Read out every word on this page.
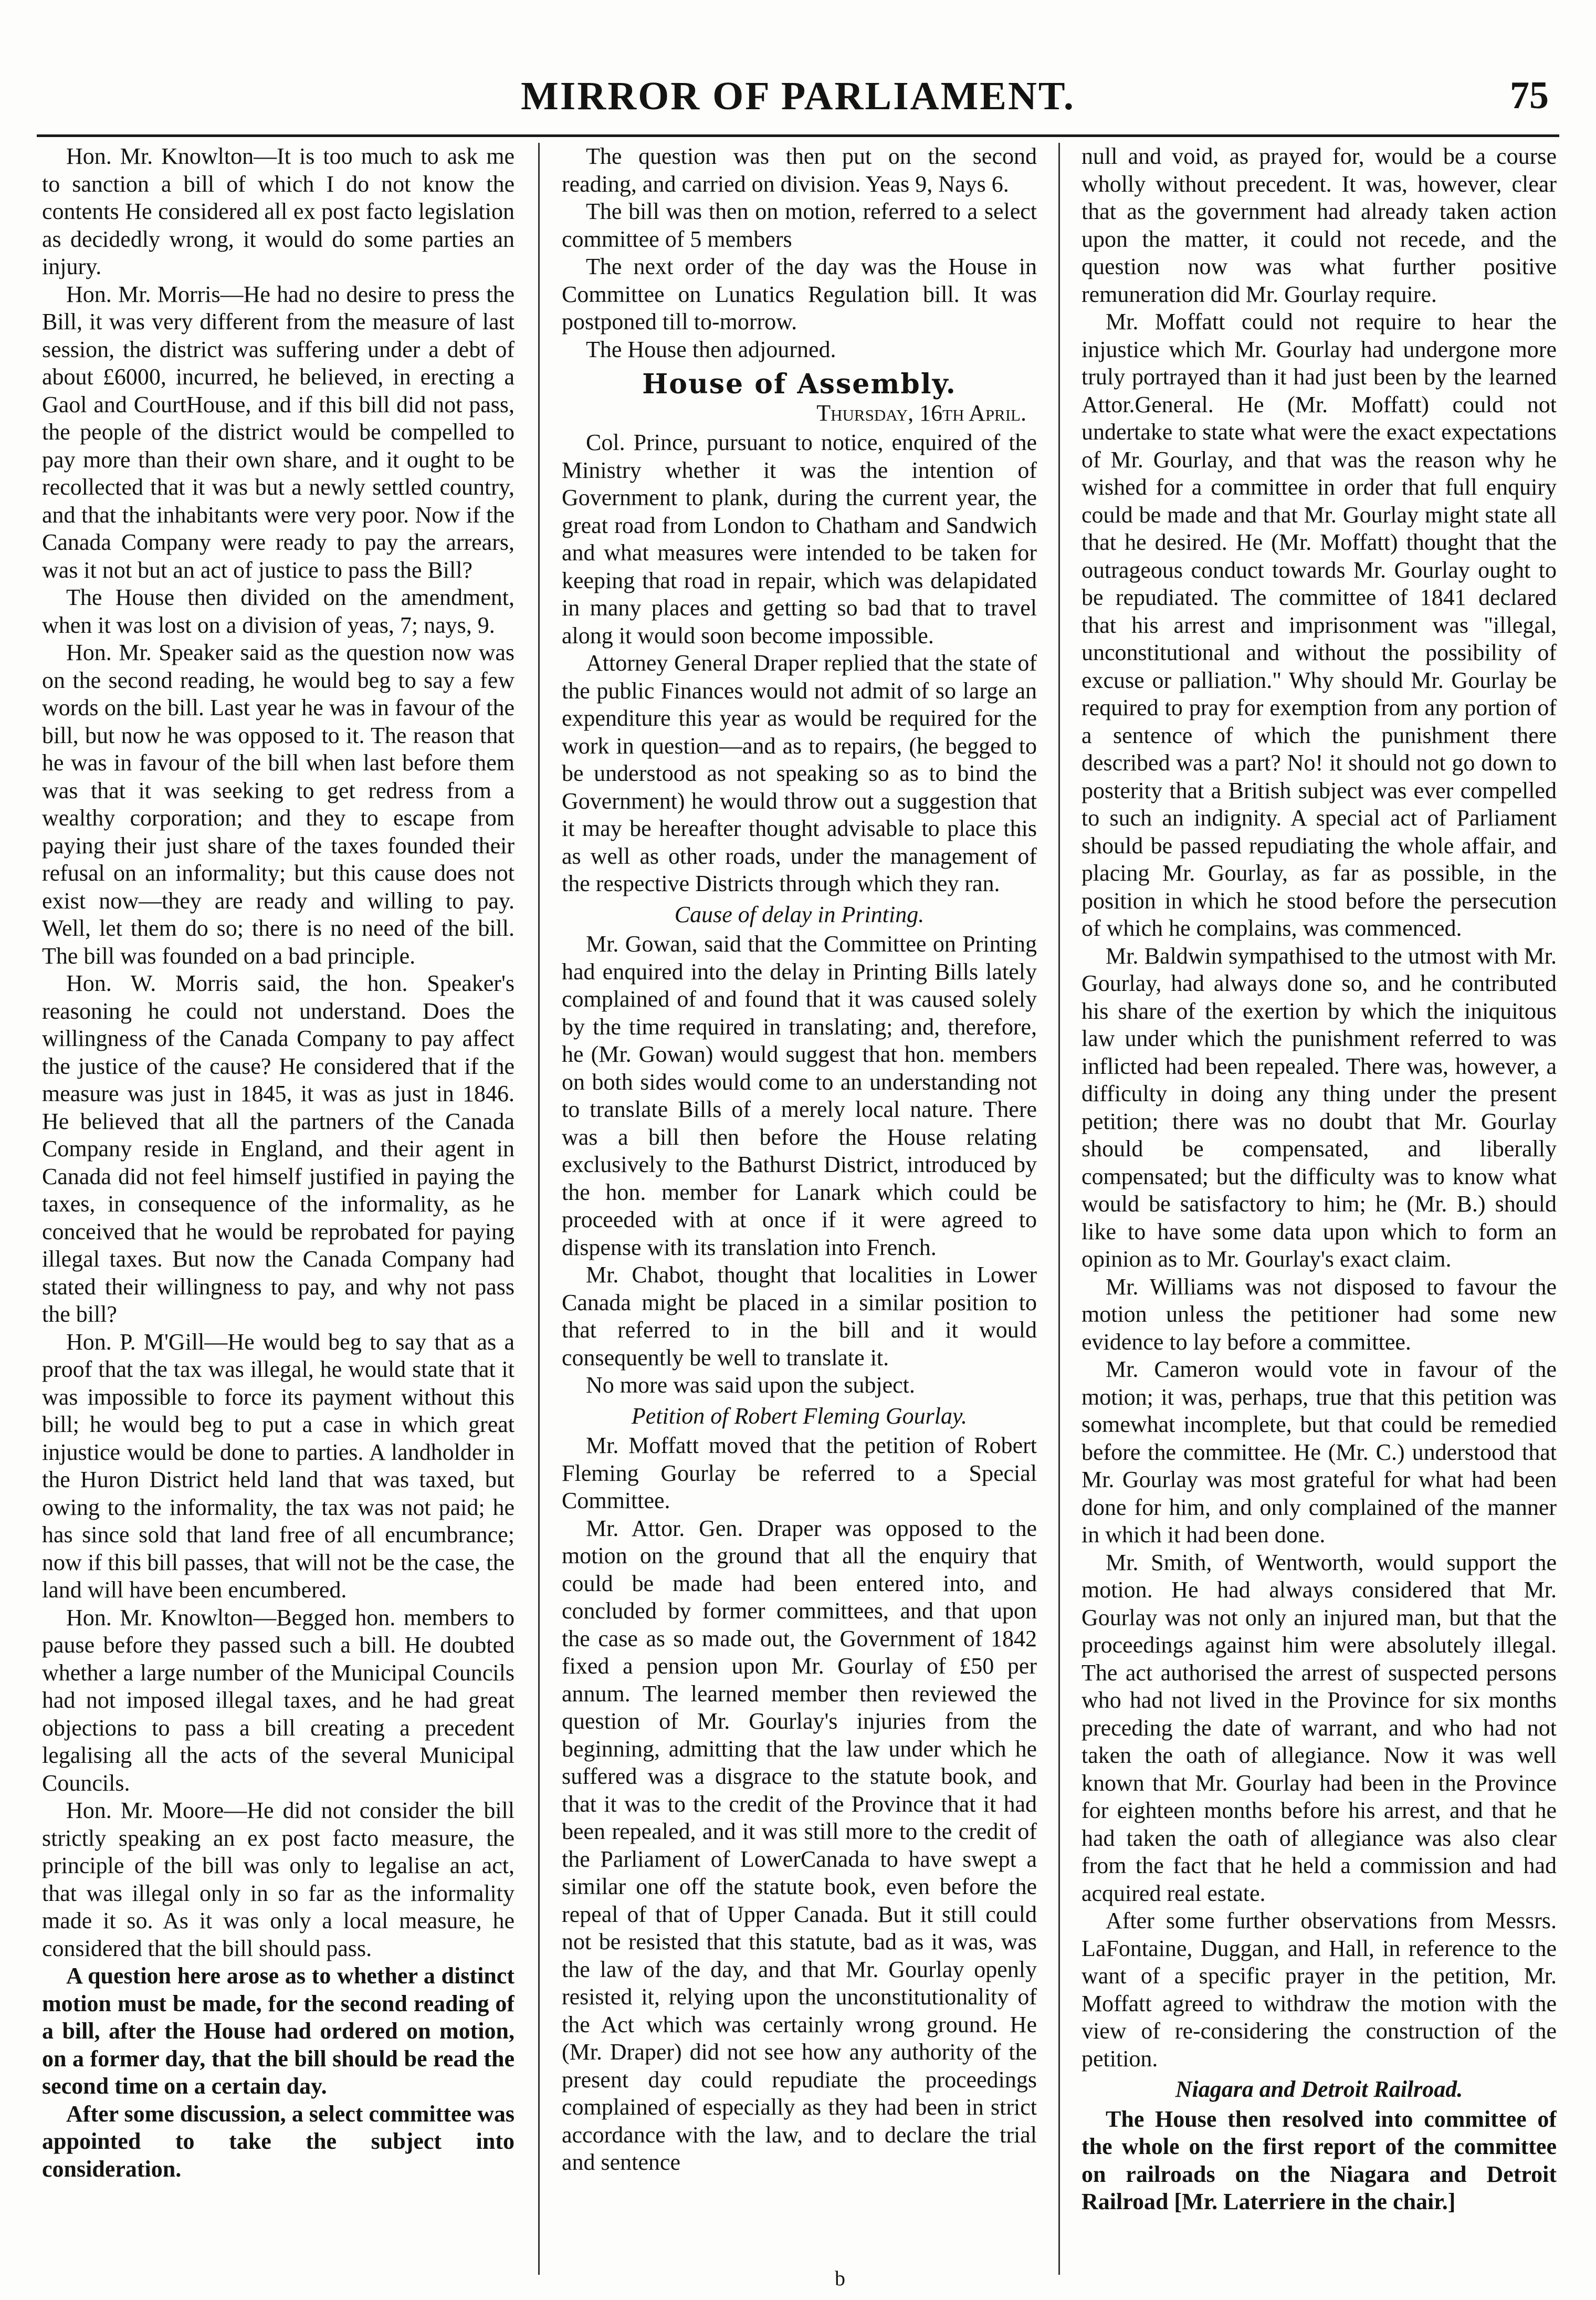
MIRROR OF PARLIAMENT.	75

Hon. Mr. Knowlton—It is too much to ask me to sanction a bill of which I do not know the contents He considered all ex post facto legislation as decidedly wrong, it would do some parties an injury.

Hon. Mr. Morris—He had no desire to press the Bill, it was very different from the measure of last session, the district was suffering under a debt of about £6000, incurred, he believed, in erecting a Gaol and CourtHouse, and if this bill did not pass, the people of the district would be compelled to pay more than their own share, and it ought to be recollected that it was but a newly settled country, and that the inhabitants were very poor. Now if the Canada Company were ready to pay the arrears, was it not but an act of justice to pass the Bill?

The House then divided on the amendment, when it was lost on a division of yeas, 7; nays, 9.

Hon. Mr. Speaker said as the question now was on the second reading, he would beg to say a few words on the bill. Last year he was in favour of the bill, but now he was opposed to it. The reason that he was in favour of the bill when last before them was that it was seeking to get redress from a wealthy corporation; and they to escape from paying their just share of the taxes founded their refusal on an informality; but this cause does not exist now—they are ready and willing to pay. Well, let them do so; there is no need of the bill. The bill was founded on a bad principle.

Hon. W. Morris said, the hon. Speaker's reasoning he could not understand. Does the willingness of the Canada Company to pay affect the justice of the cause? He considered that if the measure was just in 1845, it was as just in 1846. He believed that all the partners of the Canada Company reside in England, and their agent in Canada did not feel himself justified in paying the taxes, in consequence of the informality, as he conceived that he would be reprobated for paying illegal taxes. But now the Canada Company had stated their willingness to pay, and why not pass the bill?

Hon. P. M'Gill—He would beg to say that as a proof that the tax was illegal, he would state that it was impossible to force its payment without this bill; he would beg to put a case in which great injustice would be done to parties. A landholder in the Huron District held land that was taxed, but owing to the informality, the tax was not paid; he has since sold that land free of all encumbrance; now if this bill passes, that will not be the case, the land will have been encumbered.

Hon. Mr. Knowlton—Begged hon. members to pause before they passed such a bill. He doubted whether a large number of the Municipal Councils had not imposed illegal taxes, and he had great objections to pass a bill creating a precedent legalising all the acts of the several Municipal Councils.

Hon. Mr. Moore—He did not consider the bill strictly speaking an ex post facto measure, the principle of the bill was only to legalise an act, that was illegal only in so far as the informality made it so. As it was only a local measure, he considered that the bill should pass.

A question here arose as to whether a distinct motion must be made, for the second reading of a bill, after the House had ordered on motion, on a former day, that the bill should be read the second time on a certain day.

After some discussion, a select committee was appointed to take the subject into consideration.

The question was then put on the second reading, and carried on division. Yeas 9, Nays 6.

The bill was then on motion, referred to a select committee of 5 members

The next order of the day was the House in Committee on Lunatics Regulation bill. It was postponed till to-morrow.

The House then adjourned.

House of Assembly.
Thursday, 16th April.

Col. Prince, pursuant to notice, enquired of the Ministry whether it was the intention of Government to plank, during the current year, the great road from London to Chatham and Sandwich and what measures were intended to be taken for keeping that road in repair, which was delapidated in many places and getting so bad that to travel along it would soon become impossible.

Attorney General Draper replied that the state of the public Finances would not admit of so large an expenditure this year as would be required for the work in question—and as to repairs, (he begged to be understood as not speaking so as to bind the Government) he would throw out a suggestion that it may be hereafter thought advisable to place this as well as other roads, under the management of the respective Districts through which they ran.

Cause of delay in Printing.

Mr. Gowan, said that the Committee on Printing had enquired into the delay in Printing Bills lately complained of and found that it was caused solely by the time required in translating; and, therefore, he (Mr. Gowan) would suggest that hon. members on both sides would come to an understanding not to translate Bills of a merely local nature. There was a bill then before the House relating exclusively to the Bathurst District, introduced by the hon. member for Lanark which could be proceeded with at once if it were agreed to dispense with its translation into French.

Mr. Chabot, thought that localities in Lower Canada might be placed in a similar position to that referred to in the bill and it would consequently be well to translate it.

No more was said upon the subject.

Petition of Robert Fleming Gourlay.

Mr. Moffatt moved that the petition of Robert Fleming Gourlay be referred to a Special Committee.

Mr. Attor. Gen. Draper was opposed to the motion on the ground that all the enquiry that could be made had been entered into, and concluded by former committees, and that upon the case as so made out, the Government of 1842 fixed a pension upon Mr. Gourlay of £50 per annum. The learned member then reviewed the question of Mr. Gourlay's injuries from the beginning, admitting that the law under which he suffered was a disgrace to the statute book, and that it was to the credit of the Province that it had been repealed, and it was still more to the credit of the Parliament of LowerCanada to have swept a similar one off the statute book, even before the repeal of that of Upper Canada. But it still could not be resisted that this statute, bad as it was, was the law of the day, and that Mr. Gourlay openly resisted it, relying upon the unconstitutionality of the Act which was certainly wrong ground. He (Mr. Draper) did not see how any authority of the present day could repudiate the proceedings complained of especially as they had been in strict accordance with the law, and to declare the trial and sentence

null and void, as prayed for, would be a course wholly without precedent. It was, however, clear that as the government had already taken action upon the matter, it could not recede, and the question now was what further positive remuneration did Mr. Gourlay require.

Mr. Moffatt could not require to hear the injustice which Mr. Gourlay had undergone more truly portrayed than it had just been by the learned Attor.General. He (Mr. Moffatt) could not undertake to state what were the exact expectations of Mr. Gourlay, and that was the reason why he wished for a committee in order that full enquiry could be made and that Mr. Gourlay might state all that he desired. He (Mr. Moffatt) thought that the outrageous conduct towards Mr. Gourlay ought to be repudiated. The committee of 1841 declared that his arrest and imprisonment was "illegal, unconstitutional and without the possibility of excuse or palliation." Why should Mr. Gourlay be required to pray for exemption from any portion of a sentence of which the punishment there described was a part? No! it should not go down to posterity that a British subject was ever compelled to such an indignity. A special act of Parliament should be passed repudiating the whole affair, and placing Mr. Gourlay, as far as possible, in the position in which he stood before the persecution of which he complains, was commenced.

Mr. Baldwin sympathised to the utmost with Mr. Gourlay, had always done so, and he contributed his share of the exertion by which the iniquitous law under which the punishment referred to was inflicted had been repealed. There was, however, a difficulty in doing any thing under the present petition; there was no doubt that Mr. Gourlay should be compensated, and liberally compensated; but the difficulty was to know what would be satisfactory to him; he (Mr. B.) should like to have some data upon which to form an opinion as to Mr. Gourlay's exact claim.

Mr. Williams was not disposed to favour the motion unless the petitioner had some new evidence to lay before a committee.

Mr. Cameron would vote in favour of the motion; it was, perhaps, true that this petition was somewhat incomplete, but that could be remedied before the committee. He (Mr. C.) understood that Mr. Gourlay was most grateful for what had been done for him, and only complained of the manner in which it had been done.

Mr. Smith, of Wentworth, would support the motion. He had always considered that Mr. Gourlay was not only an injured man, but that the proceedings against him were absolutely illegal. The act authorised the arrest of suspected persons who had not lived in the Province for six months preceding the date of warrant, and who had not taken the oath of allegiance. Now it was well known that Mr. Gourlay had been in the Province for eighteen months before his arrest, and that he had taken the oath of allegiance was also clear from the fact that he held a commission and had acquired real estate.

After some further observations from Messrs. LaFontaine, Duggan, and Hall, in reference to the want of a specific prayer in the petition, Mr. Moffatt agreed to withdraw the motion with the view of re-considering the construction of the petition.

Niagara and Detroit Railroad.

The House then resolved into committee of the whole on the first report of the committee on railroads on the Niagara and Detroit Railroad [Mr. Laterriere in the chair.]

b
